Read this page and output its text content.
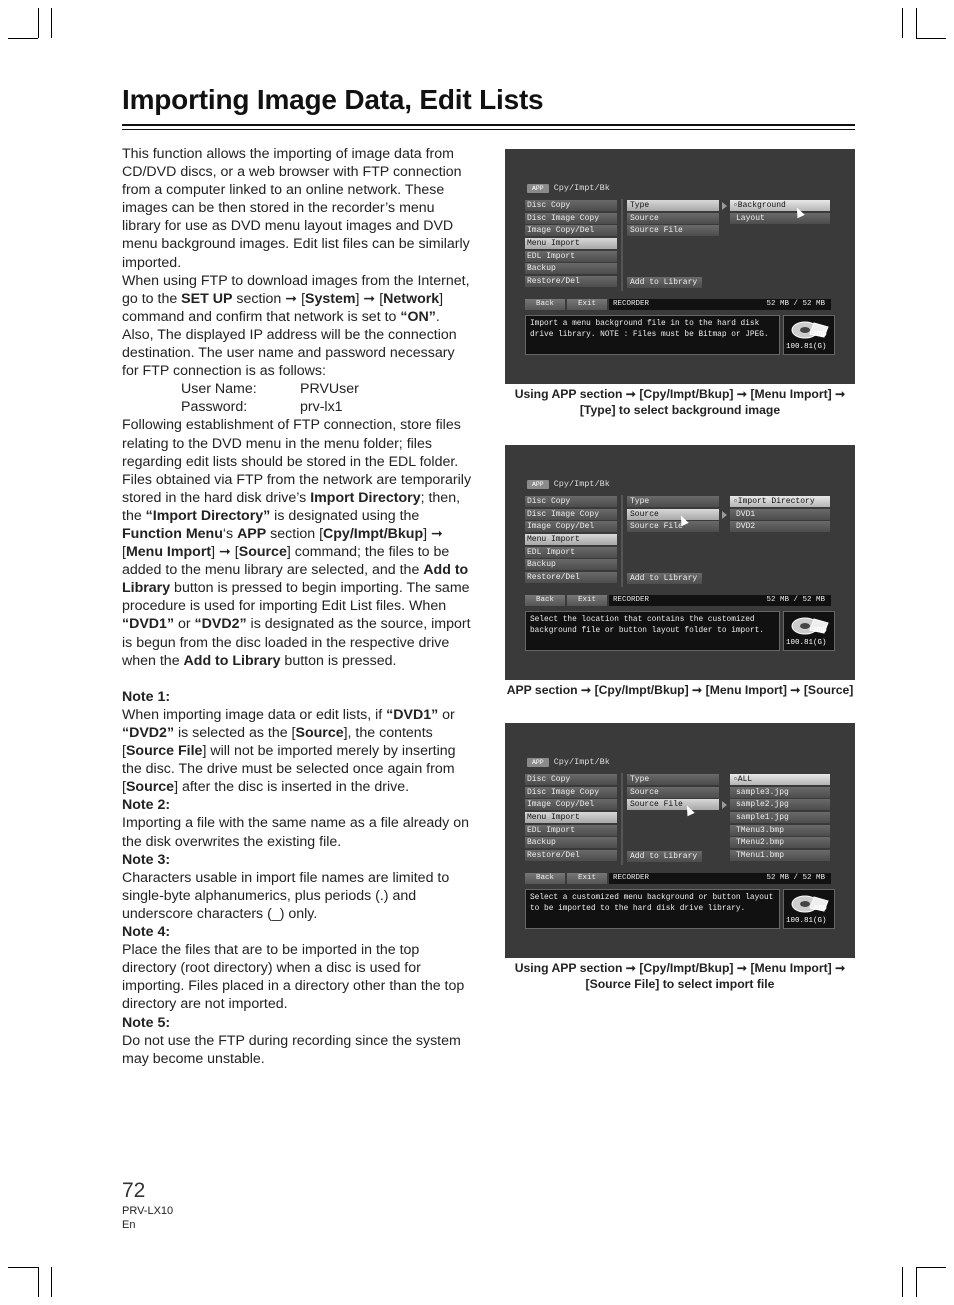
Importing Image Data, Edit Lists

This function allows the importing of image data from CD/DVD discs, or a web browser with FTP connection from a computer linked to an online network. These images can be then stored in the recorder’s menu library for use as DVD menu layout images and DVD menu background images. Edit list files can be similarly imported.

When using FTP to download images from the Internet, go to the SET UP section ➞ [System] ➞ [Network] command and confirm that network is set to “ON”. Also, The displayed IP address will be the connection destination. The user name and password necessary for FTP connection is as follows:

User Name:	PRVUser
Password:	prv-lx1

Following establishment of FTP connection, store files relating to the DVD menu in the menu folder; files regarding edit lists should be stored in the EDL folder.

Files obtained via FTP from the network are temporarily stored in the hard disk drive’s Import Directory; then, the “Import Directory” is designated using the Function Menu‘s APP section [Cpy/Impt/Bkup] ➞ [Menu Import] ➞ [Source] command; the files to be added to the menu library are selected, and the Add to Library button is pressed to begin importing. The same procedure is used for importing Edit List files. When “DVD1” or “DVD2” is designated as the source, import is begun from the disc loaded in the respective drive when the Add to Library button is pressed.

Note 1:

When importing image data or edit lists, if “DVD1” or “DVD2” is selected as the [Source], the contents [Source File] will not be imported merely by inserting the disc. The drive must be selected once again from [Source] after the disc is inserted in the drive.

Note 2:

Importing a file with the same name as a file already on the disk overwrites the existing file.

Note 3:

Characters usable in import file names are limited to single-byte alphanumerics, plus periods (.) and underscore characters (_) only.

Note 4:

Place the files that are to be imported in the top directory (root directory) when a disc is used for importing. Files placed in a directory other than the top directory are not imported.

Note 5:

Do not use the FTP during recording since the system may become unstable.

APP	Cpy/Impt/Bk
Disc Copy
Disc Image Copy
Image Copy/Del
Menu Import
EDL Import
Backup
Restore/Del
Type
Source
Source File
Add to Library
▫Background
Layout
Back	Exit	RECORDER	52 MB / 52 MB
Import a menu background file in to the hard disk drive library. NOTE : Files must be Bitmap or JPEG.	HDD
100.81(G)
Using APP section ➞ [Cpy/Impt/Bkup] ➞ [Menu Import] ➞ [Type] to select background image
APP	Cpy/Impt/Bk
Disc Copy
Disc Image Copy
Image Copy/Del
Menu Import
EDL Import
Backup
Restore/Del
Type
Source
Source File
Add to Library
▫Import Directory
DVD1
DVD2
Back	Exit	RECORDER	52 MB / 52 MB
Select the location that contains the customized background file or button layout folder to import.	HDD
100.81(G)
APP section ➞ [Cpy/Impt/Bkup] ➞ [Menu Import] ➞ [Source]
APP	Cpy/Impt/Bk
Disc Copy
Disc Image Copy
Image Copy/Del
Menu Import
EDL Import
Backup
Restore/Del
Type
Source
Source File
Add to Library
▫ALL
sample3.jpg
sample2.jpg
sample1.jpg
TMenu3.bmp
TMenu2.bmp
TMenu1.bmp
Back	Exit	RECORDER	52 MB / 52 MB
Select a customized menu background or button layout to be imported to the hard disk drive library.	HDD
100.81(G)
Using APP section ➞ [Cpy/Impt/Bkup] ➞ [Menu Import] ➞ [Source File] to select import file
72
PRV-LX10
En
